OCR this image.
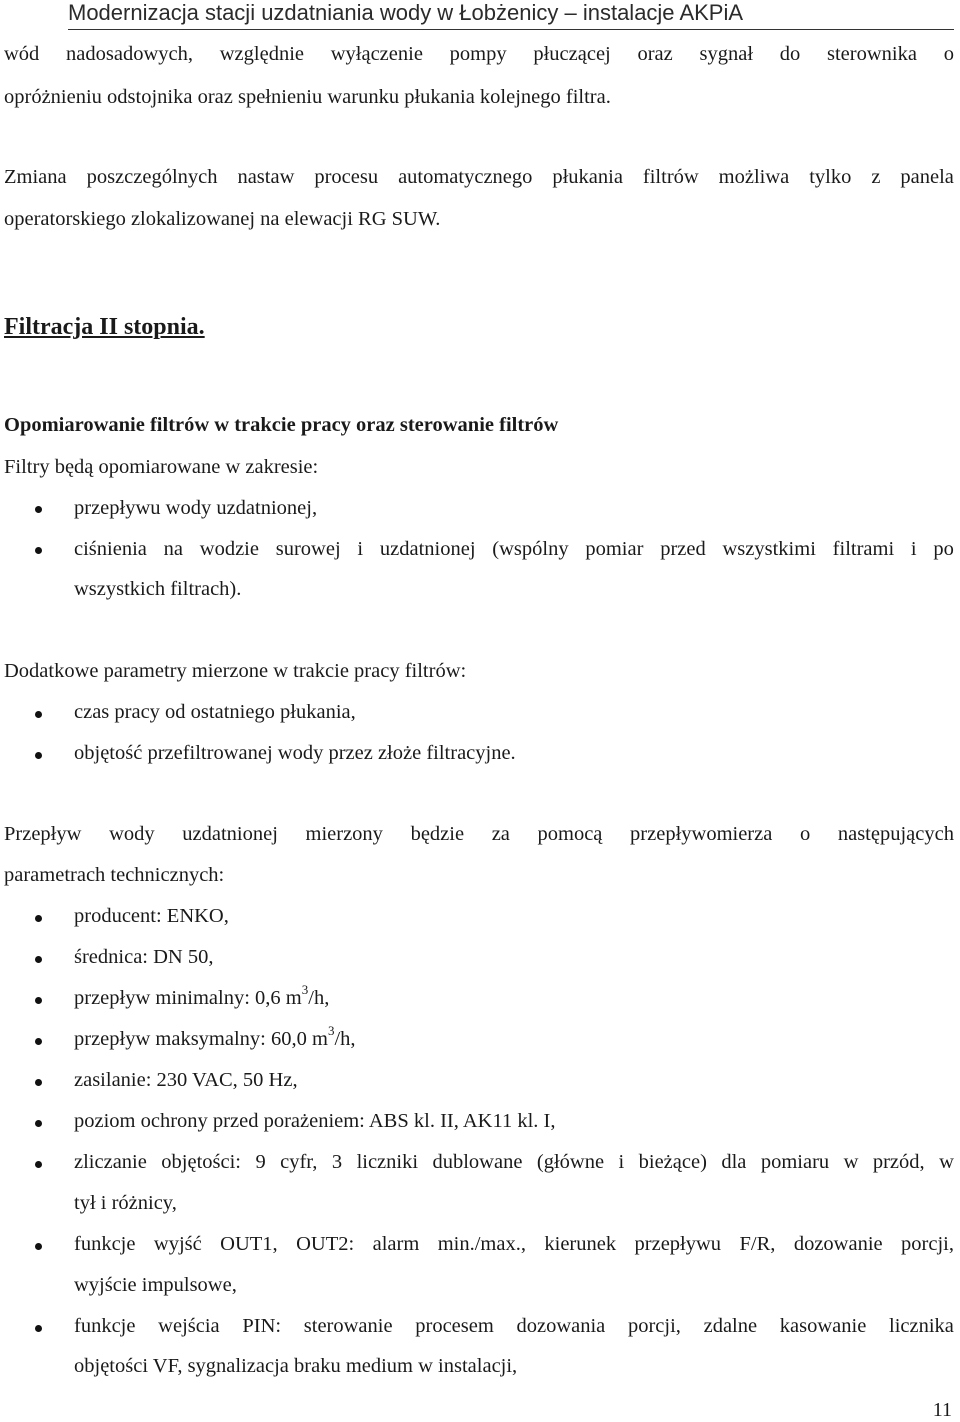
Modernizacja stacji uzdatniania wody w Łobżenicy – instalacje AKPiA
wód nadosadowych, względnie wyłączenie pompy płuczącej oraz sygnał do sterownika o
opróżnieniu odstojnika oraz spełnieniu warunku płukania kolejnego filtra.
Zmiana poszczególnych nastaw procesu automatycznego płukania filtrów możliwa tylko z panela
operatorskiego zlokalizowanej na elewacji RG SUW.
Filtracja II stopnia.
Opomiarowanie filtrów w trakcie pracy oraz sterowanie filtrów
Filtry będą opomiarowane w zakresie:
przepływu wody uzdatnionej,
ciśnienia na wodzie surowej i uzdatnionej (wspólny pomiar przed wszystkimi filtrami i po
wszystkich filtrach).
Dodatkowe parametry mierzone w trakcie pracy filtrów:
czas pracy od ostatniego płukania,
objętość przefiltrowanej wody przez złoże filtracyjne.
Przepływ wody uzdatnionej mierzony będzie za pomocą przepływomierza o następujących
parametrach technicznych:
producent: ENKO,
średnica: DN 50,
przepływ minimalny: 0,6 $m^3/h$,
przepływ maksymalny: 60,0 $m^3/h$,
zasilanie: 230 VAC, 50 Hz,
poziom ochrony przed porażeniem: ABS kl. II, AK11 kl. I,
zliczanie objętości: 9 cyfr, 3 liczniki dublowane (główne i bieżące) dla pomiaru w przód, w
tył i różnicy,
funkcje wyjść OUT1, OUT2: alarm min./max., kierunek przepływu F/R, dozowanie porcji,
wyjście impulsowe,
funkcje wejścia PIN: sterowanie procesem dozowania porcji, zdalne kasowanie licznika
objętości VF, sygnalizacja braku medium w instalacji,
11
